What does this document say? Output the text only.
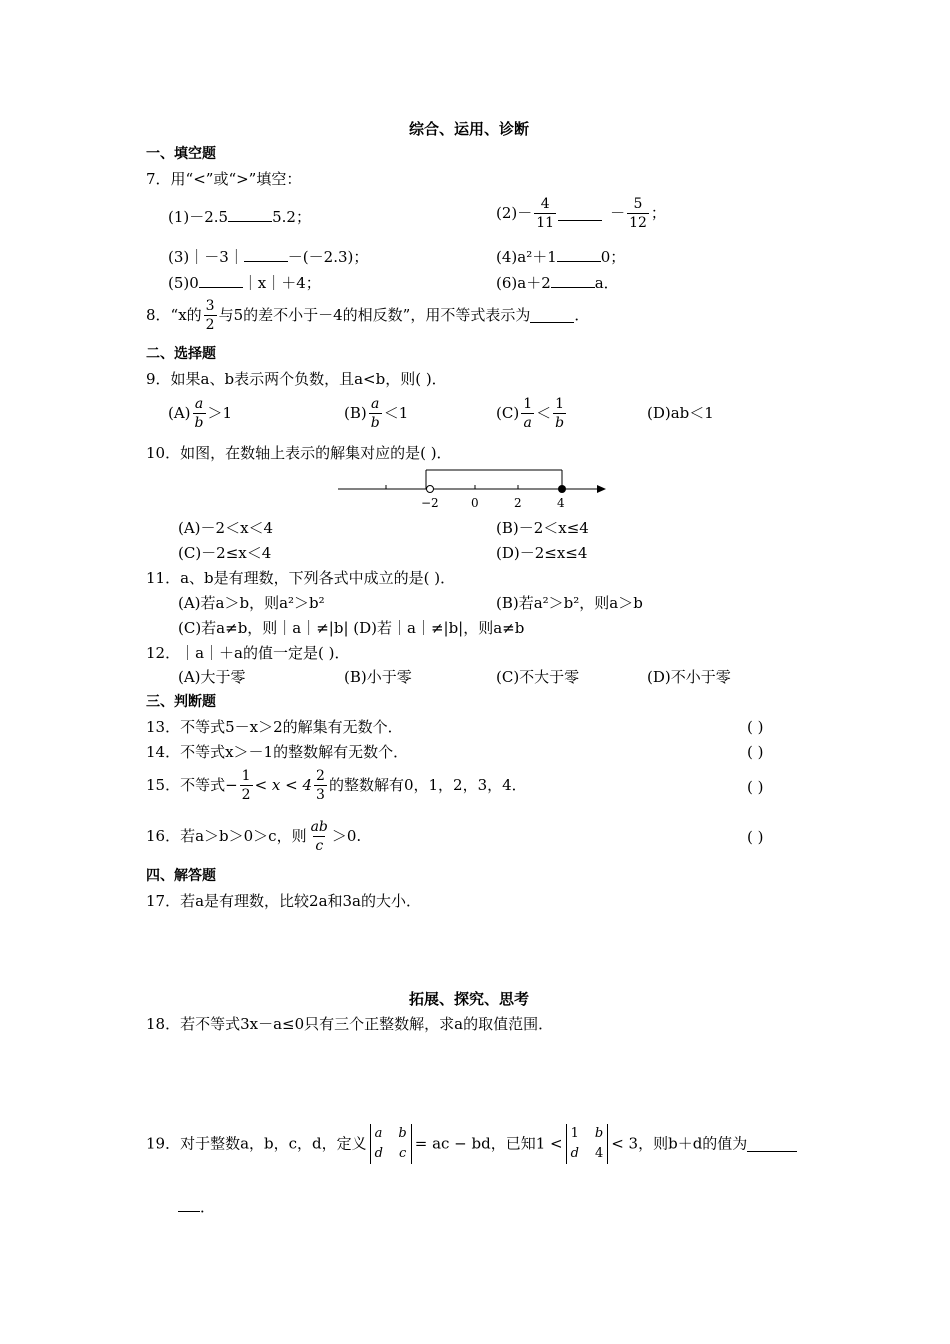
综合、运用、诊断
一、填空题
7．用“<”或“>”填空：
(1)－2.5	5.2；	$(2)- \frac{4}{11}$	－ $\frac{5}{12}$ ；
(3)｜－3｜	－(－2.3)；	(4)a²＋1	0；
(5)0	｜x｜＋4；	(6)a＋2	a．
8．“x的 $\frac{3}{2}$ 与5的差不小于－4的相反数”，用不等式表示为	．
二、选择题
9．如果a、b表示两个负数，且a<b，则( )．
$(A) \frac{a}{b} >1$	$(B) \frac{a}{b} <1$	$(C) \frac{1}{a} < \frac{1}{b}$	(D)ab＜1
10．如图，在数轴上表示的解集对应的是( )．
−2	0	2	4
(A)－2＜x＜4	(B)－2＜x≤4
(C)－2≤x＜4	(D)－2≤x≤4
11．a、b是有理数，下列各式中成立的是( )．
(A)若a＞b，则a²＞b²	(B)若a²＞b²，则a＞b
(C)若a≠b，则｜a｜≠|b| (D)若｜a｜≠|b|，则a≠b
12．｜a｜＋a的值一定是( )．
(A)大于零	(B)小于零	(C)不大于零	(D)不小于零
三、判断题
13．不等式5－x＞2的解集有无数个．	( )
14．不等式x＞－1的整数解有无数个．	( )
15．不等式− $\frac{1}{2} < x < 4 \frac{2}{3}$ 的整数解有0，1，2，3，4．	( )
16．若a＞b＞0＞c，则 $\frac{ab}{c} >0$.	( )
四、解答题
17．若a是有理数，比较2a和3a的大小．
拓展、探究、思考
18．若不等式3x－a≤0只有三个正整数解，求a的取值范围．
19．对于整数a，b，c，d，定义
a b
d c
= ac − bd，已知1 <
1 b
d 4
< 3，则b＋d的值为
．
